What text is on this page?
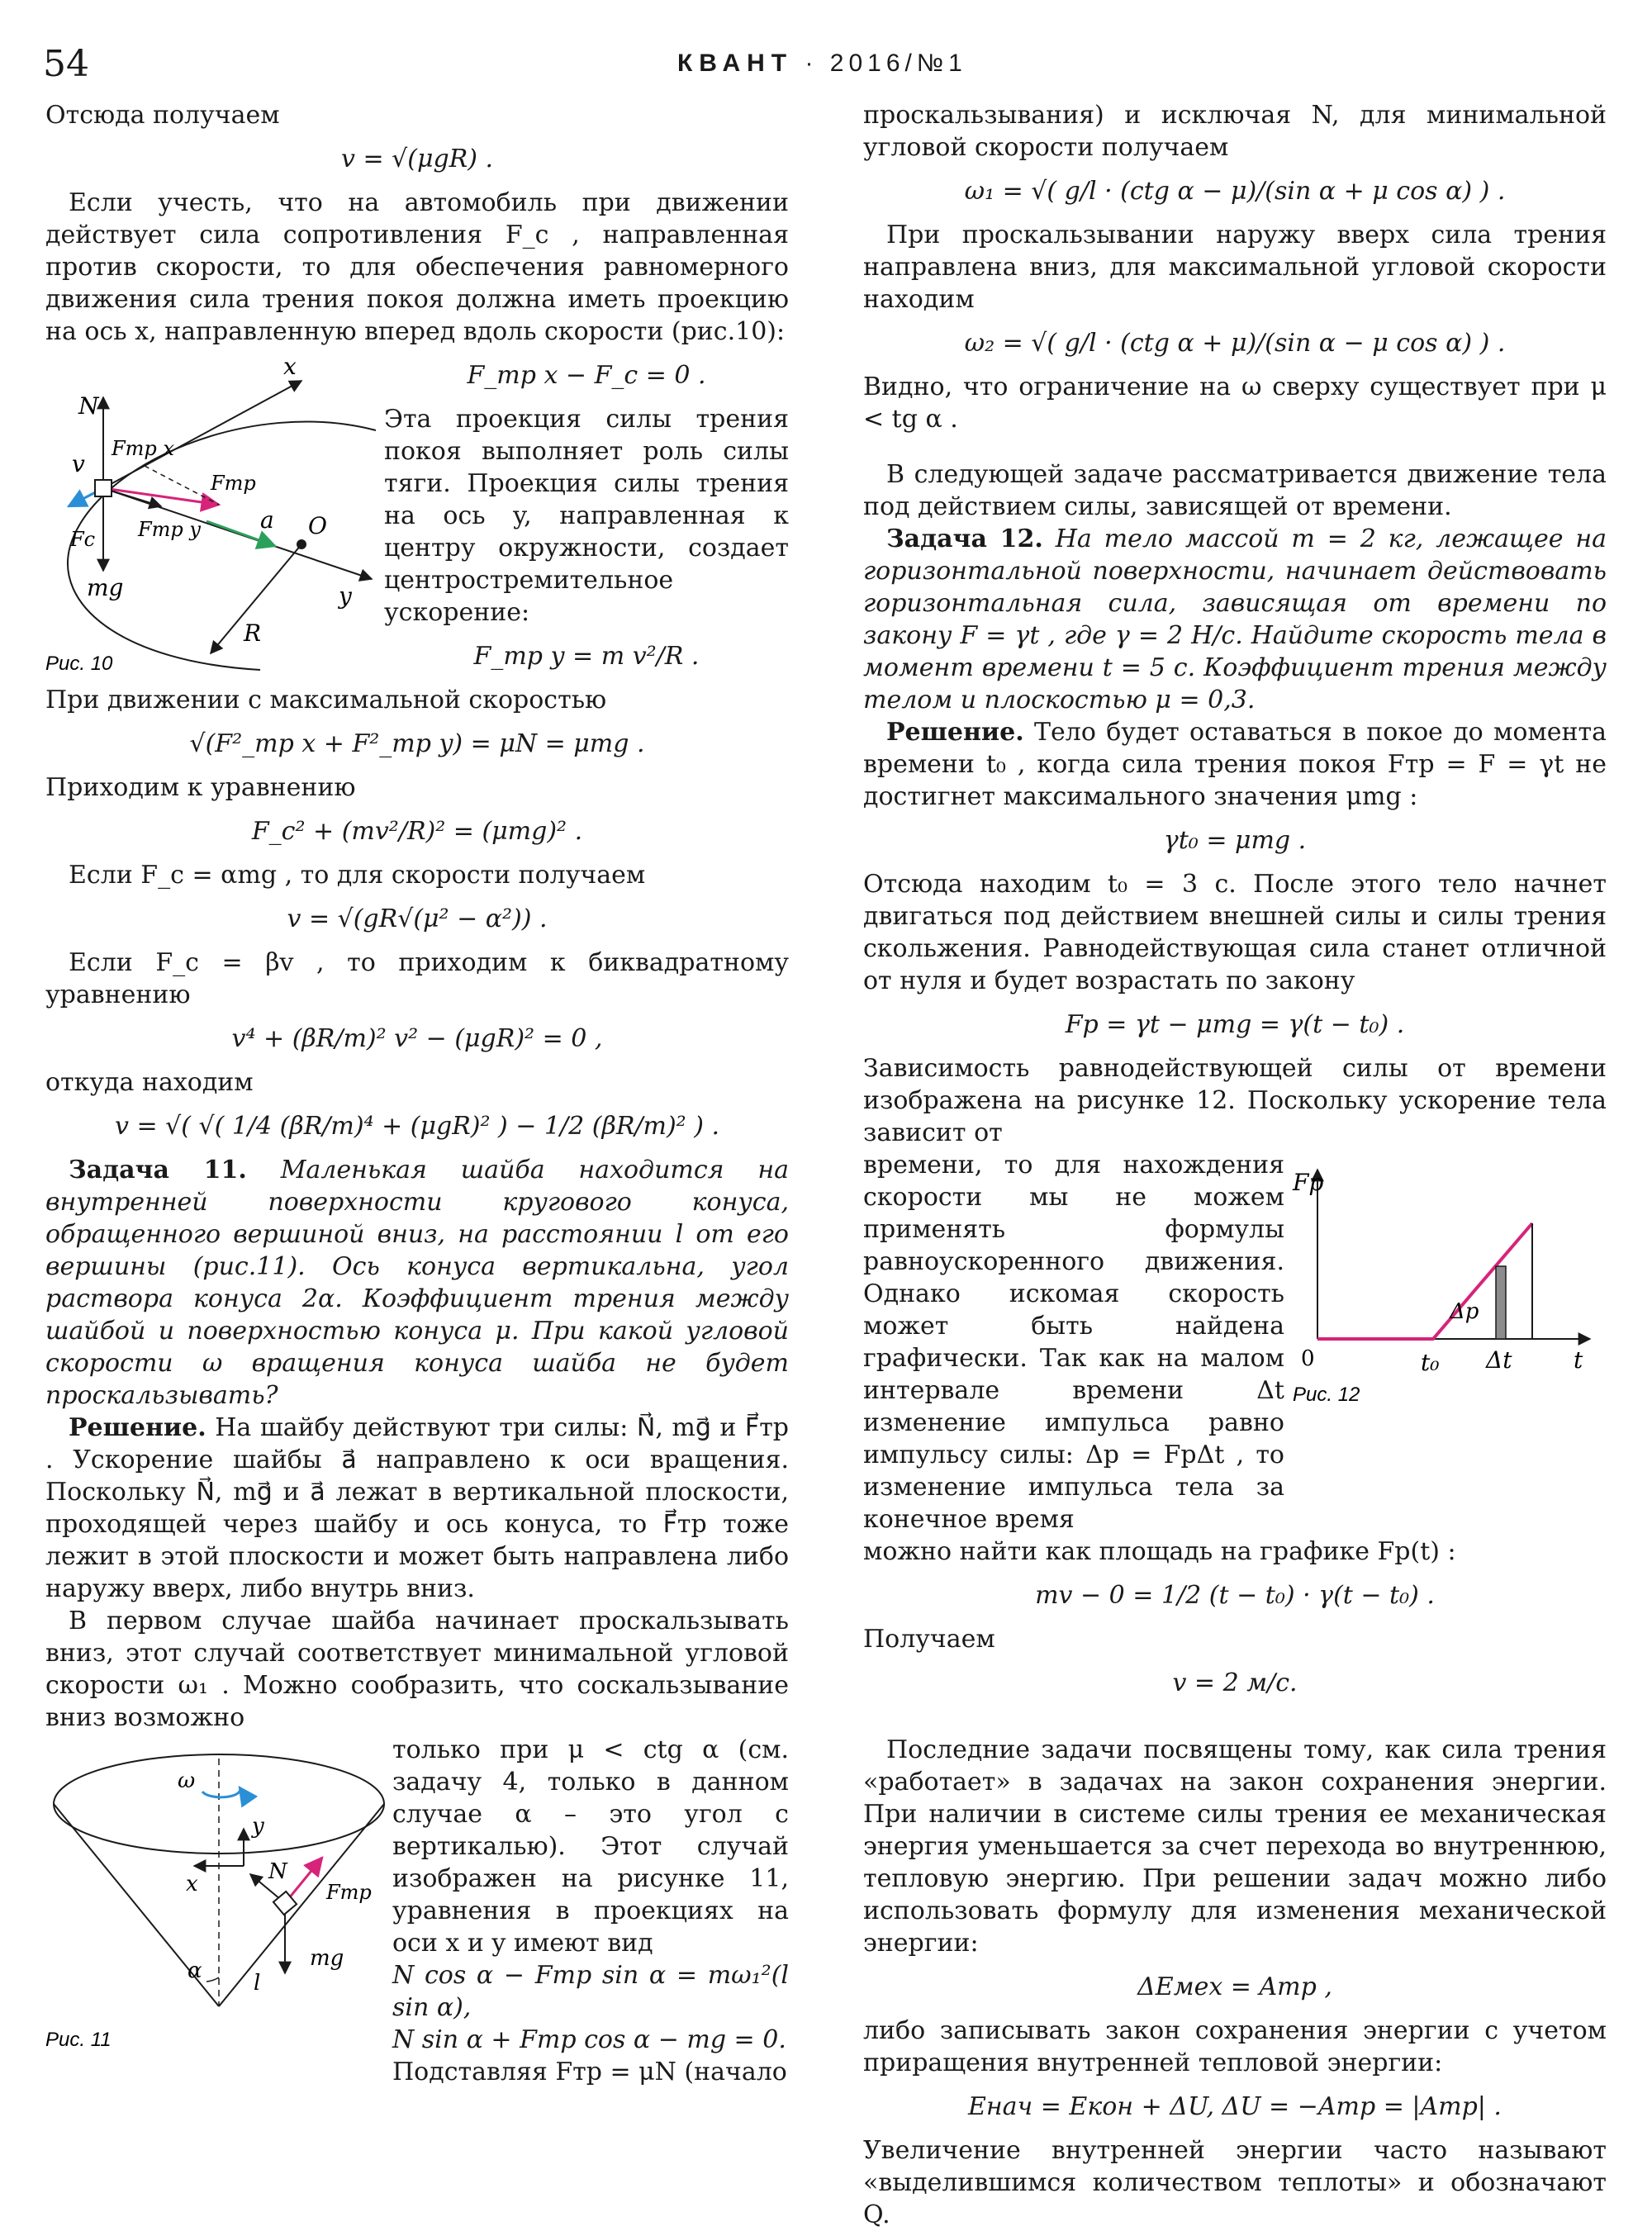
54	КВАНТ · 2016/№1

Отсюда получаем

v = √(μgR) .

Если учесть, что на автомобиль при движении действует сила сопротивления F_c , направленная против скорости, то для обеспечения равномерного движения сила трения покоя должна иметь проекцию на ось x, направленную вперед вдоль скорости (рис.10):

x
N
v
Fтр x
Fтр
a
Fc Fтр y	O
mg	y
R
Рис. 10

F_тр x − F_c = 0 .

Эта проекция силы трения покоя выполняет роль силы тяги. Проекция силы трения на ось y, направленная к центру окружности, создает центростремительное ускорение:

F_тр y = m v²/R .

При движении с максимальной скоростью

√(F²_тр x + F²_тр y) = μN = μmg .

Приходим к уравнению

F_c² + (mv²/R)² = (μmg)² .

Если F_c = αmg , то для скорости получаем

v = √(gR√(μ² − α²)) .

Если F_c = βv , то приходим к биквадратному уравнению

v⁴ + (βR/m)² v² − (μgR)² = 0 ,

откуда находим

v = √( √( 1/4 (βR/m)⁴ + (μgR)² ) − 1/2 (βR/m)² ) .

Задача 11. Маленькая шайба находится на внутренней поверхности кругового конуса, обращенного вершиной вниз, на расстоянии l от его вершины (рис.11). Ось конуса вертикальна, угол раствора конуса 2α. Коэффициент трения между шайбой и поверхностью конуса μ. При какой угловой скорости ω вращения конуса шайба не будет проскальзывать?

Решение. На шайбу действуют три силы: N⃗, mg⃗ и F⃗тр . Ускорение шайбы a⃗ направлено к оси вращения. Поскольку N⃗, mg⃗ и a⃗ лежат в вертикальной плоскости, проходящей через шайбу и ось конуса, то F⃗тр тоже лежит в этой плоскости и может быть направлена либо наружу вверх, либо внутрь вниз.

В первом случае шайба начинает проскальзывать вниз, этот случай соответствует минимальной угловой скорости ω₁ . Можно сообразить, что соскальзывание вниз возможно

ω
y
N
x	Fтр
mg
α l
Рис. 11

только при μ < ctg α (см. задачу 4, только в данном случае α – это угол с вертикалью). Этот случай изображен на рисунке 11, уравнения в проекциях на оси x и y имеют вид

N cos α − Fтр sin α = mω₁²(l sin α),

N sin α + Fтр cos α − mg = 0.

Подставляя Fтр = μN (начало

проскальзывания) и исключая N, для минимальной угловой скорости получаем

ω₁ = √( g/l · (ctg α − μ)/(sin α + μ cos α) ) .

При проскальзывании наружу вверх сила трения направлена вниз, для максимальной угловой скорости находим

ω₂ = √( g/l · (ctg α + μ)/(sin α − μ cos α) ) .

Видно, что ограничение на ω сверху существует при μ < tg α .

В следующей задаче рассматривается движение тела под действием силы, зависящей от времени.

Задача 12. На тело массой m = 2 кг, лежащее на горизонтальной поверхности, начинает действовать горизонтальная сила, зависящая от времени по закону F = γt , где γ = 2 Н/с. Найдите скорость тела в момент времени t = 5 с. Коэффициент трения между телом и плоскостью μ = 0,3.

Решение. Тело будет оставаться в покое до момента времени t₀ , когда сила трения покоя Fтр = F = γt не достигнет максимального значения μmg :

γt₀ = μmg .

Отсюда находим t₀ = 3 с. После этого тело начнет двигаться под действием внешней силы и силы трения скольжения. Равнодействующая сила станет отличной от нуля и будет возрастать по закону

Fр = γt − μmg = γ(t − t₀) .

Зависимость равнодействующей силы от времени изображена на рисунке 12. Поскольку ускорение тела зависит от

времени, то для нахождения скорости мы не можем применять формулы равноускоренного движения. Однако искомая скорость может быть найдена графически. Так как на малом интервале времени Δt изменение импульса равно импульсу силы: Δp = FрΔt , то изменение импульса тела за конечное время

Fр
0	t₀ Δt	t
Δp
Рис. 12

можно найти как площадь на графике Fр(t) :

mv − 0 = 1/2 (t − t₀) · γ(t − t₀) .

Получаем

v = 2 м/с.

Последние задачи посвящены тому, как сила трения «работает» в задачах на закон сохранения энергии. При наличии в системе силы трения ее механическая энергия уменьшается за счет перехода во внутреннюю, тепловую энергию. При решении задач можно либо использовать формулу для изменения механической энергии:

ΔEмех = Aтр ,

либо записывать закон сохранения энергии с учетом приращения внутренней тепловой энергии:

Eнач = Eкон + ΔU, ΔU = −Aтр = |Aтр| .

Увеличение внутренней энергии часто называют «выделившимся количеством теплоты» и обозначают Q.
